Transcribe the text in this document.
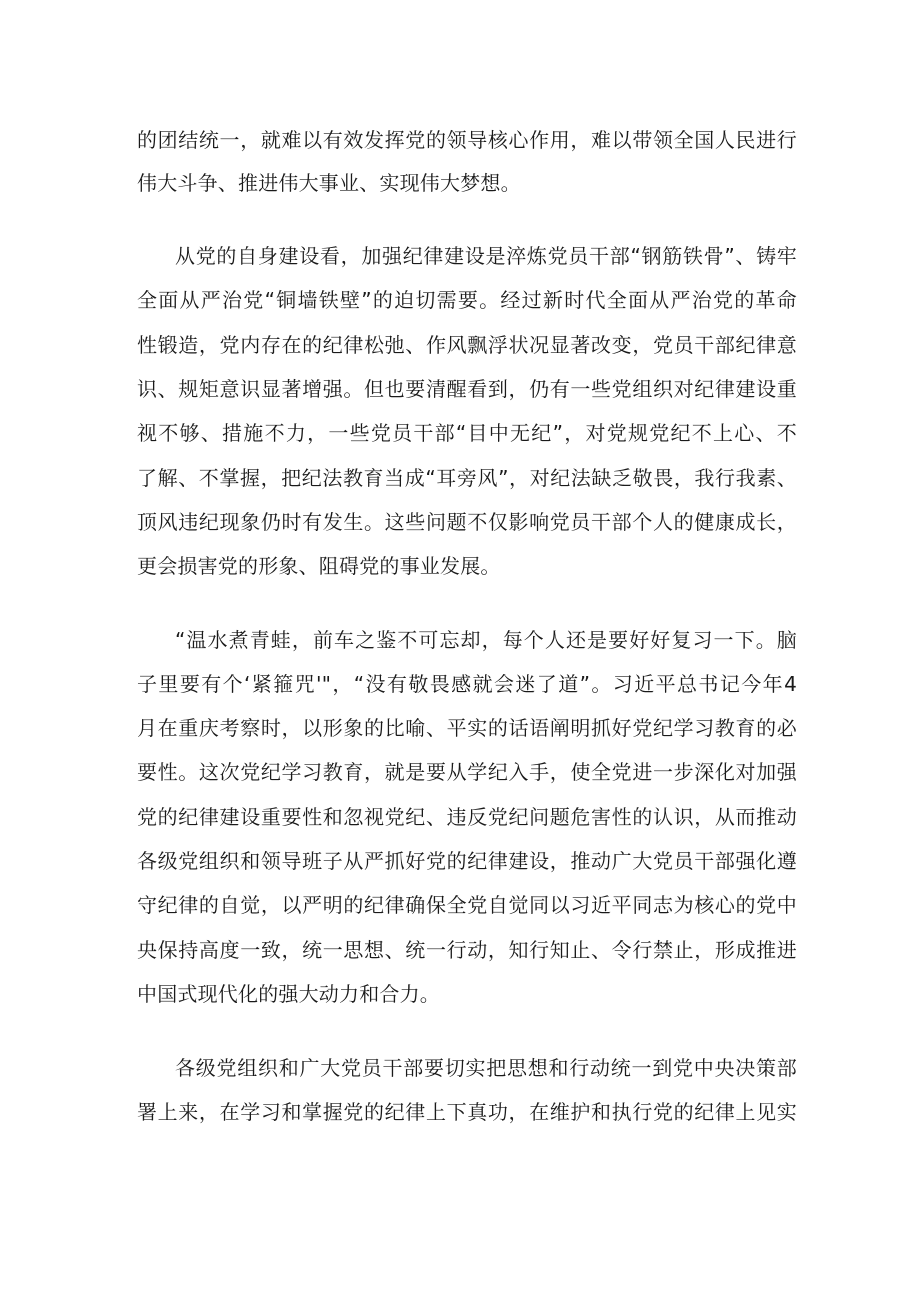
的团结统一，就难以有效发挥党的领导核心作用，难以带领全国人民进行
伟大斗争、推进伟大事业、实现伟大梦想。
从党的自身建设看，加强纪律建设是淬炼党员干部“钢筋铁骨”、铸牢
全面从严治党“铜墙铁壁”的迫切需要。经过新时代全面从严治党的革命
性锻造，党内存在的纪律松弛、作风飘浮状况显著改变，党员干部纪律意
识、规矩意识显著增强。但也要清醒看到，仍有一些党组织对纪律建设重
视不够、措施不力，一些党员干部“目中无纪”，对党规党纪不上心、不
了解、不掌握，把纪法教育当成“耳旁风”，对纪法缺乏敬畏，我行我素、
顶风违纪现象仍时有发生。这些问题不仅影响党员干部个人的健康成长，
更会损害党的形象、阻碍党的事业发展。
“温水煮青蛙，前车之鉴不可忘却，每个人还是要好好复习一下。脑
子里要有个‘紧箍咒'"，“没有敬畏感就会迷了道”。习近平总书记今年4
月在重庆考察时，以形象的比喻、平实的话语阐明抓好党纪学习教育的必
要性。这次党纪学习教育，就是要从学纪入手，使全党进一步深化对加强
党的纪律建设重要性和忽视党纪、违反党纪问题危害性的认识，从而推动
各级党组织和领导班子从严抓好党的纪律建设，推动广大党员干部强化遵
守纪律的自觉，以严明的纪律确保全党自觉同以习近平同志为核心的党中
央保持高度一致，统一思想、统一行动，知行知止、令行禁止，形成推进
中国式现代化的强大动力和合力。
各级党组织和广大党员干部要切实把思想和行动统一到党中央决策部
署上来，在学习和掌握党的纪律上下真功，在维护和执行党的纪律上见实
